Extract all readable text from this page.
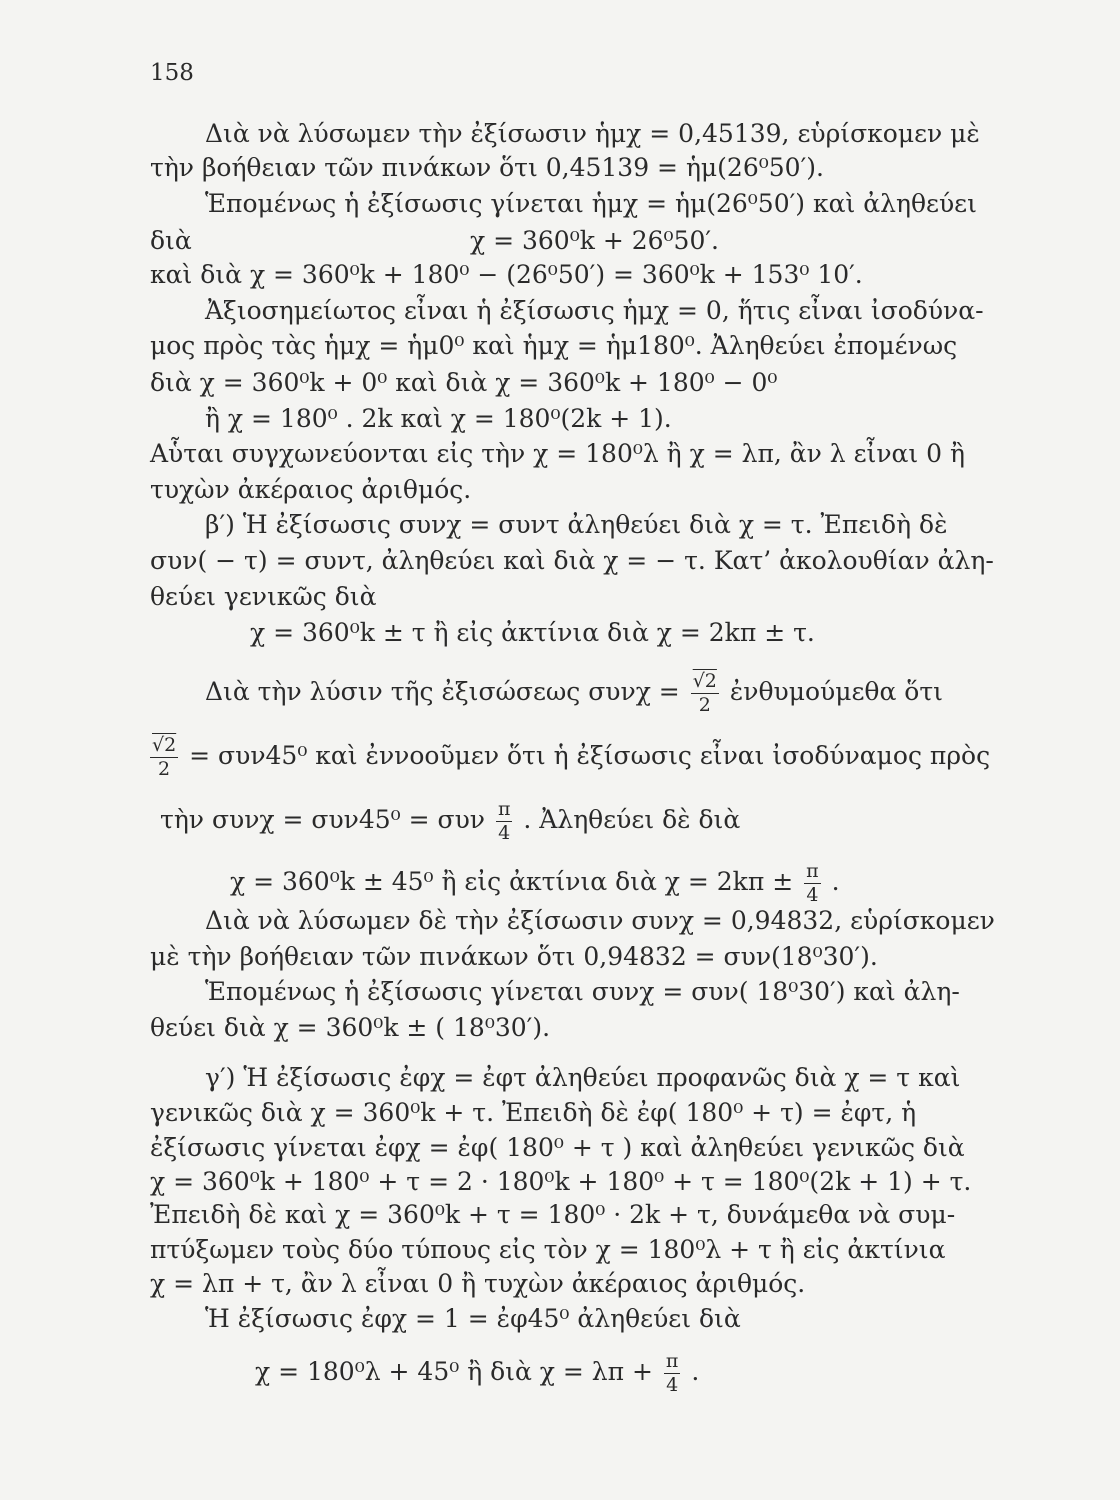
158
Διὰ νὰ λύσωμεν τὴν ἐξίσωσιν ἡμχ = 0,45139, εὑρίσκομεν μὲ
τὴν βοήθειαν τῶν πινάκων ὅτι 0,45139 = ἡμ(26⁰50′).
Ἑπομένως ἡ ἐξίσωσις γίνεται ἡμχ = ἡμ(26⁰50′) καὶ ἀληθεύει
διὰ	χ = 360⁰k + 26⁰50′.
καὶ διὰ χ = 360⁰k + 180⁰ − (26⁰50′) = 360⁰k + 153⁰ 10′.
Ἀξιοσημείωτος εἶναι ἡ ἐξίσωσις ἡμχ = 0, ἥτις εἶναι ἰσοδύνα-
μος πρὸς τὰς ἡμχ = ἡμ0⁰ καὶ ἡμχ = ἡμ180⁰. Ἀληθεύει ἐπομένως
διὰ χ = 360⁰k + 0⁰ καὶ διὰ χ = 360⁰k + 180⁰ − 0⁰
ἢ χ = 180⁰ . 2k καὶ χ = 180⁰(2k + 1).
Αὗται συγχωνεύονται εἰς τὴν χ = 180⁰λ ἢ χ = λπ, ἂν λ εἶναι 0 ἢ
τυχὼν ἀκέραιος ἀριθμός.
β′) Ἡ ἐξίσωσις συνχ = συντ ἀληθεύει διὰ χ = τ. Ἐπειδὴ δὲ
συν( − τ) = συντ, ἀληθεύει καὶ διὰ χ = − τ. Κατ’ ἀκολουθίαν ἀλη-
θεύει γενικῶς διὰ
χ = 360⁰k ± τ ἢ εἰς ἀκτίνια διὰ χ = 2kπ ± τ.
Διὰ τὴν λύσιν τῆς ἐξισώσεως $\sigma\upsilon\nu\chi = \frac{√2}{2}$ ἐνθυμούμεθα ὅτι
$\frac{√2}{2} = \sigma\upsilon\nu 45^0$ καὶ ἐννοοῦμεν ὅτι ἡ ἐξίσωσις εἶναι ἰσοδύναμος πρὸς
τὴν συνχ = συν45⁰ = συν $\frac{\pi}{4}$ . Ἀληθεύει δὲ διὰ
χ = 360⁰k ± 45⁰ ἢ εἰς ἀκτίνια διὰ $\chi = 2k\pi \pm \frac{\pi}{4}$ .
Διὰ νὰ λύσωμεν δὲ τὴν ἐξίσωσιν συνχ = 0,94832, εὑρίσκομεν
μὲ τὴν βοήθειαν τῶν πινάκων ὅτι 0,94832 = συν(18⁰30′).
Ἑπομένως ἡ ἐξίσωσις γίνεται συνχ = συν( 18⁰30′) καὶ ἀλη-
θεύει διὰ χ = 360⁰k ± ( 18⁰30′).
γ′) Ἡ ἐξίσωσις ἐφχ = ἐφτ ἀληθεύει προφανῶς διὰ χ = τ καὶ
γενικῶς διὰ χ = 360⁰k + τ. Ἐπειδὴ δὲ ἐφ( 180⁰ + τ) = ἐφτ, ἡ
ἐξίσωσις γίνεται ἐφχ = ἐφ( 180⁰ + τ ) καὶ ἀληθεύει γενικῶς διὰ
χ = 360⁰k + 180⁰ + τ = 2 · 180⁰k + 180⁰ + τ = 180⁰(2k + 1) + τ.
Ἐπειδὴ δὲ καὶ χ = 360⁰k + τ = 180⁰ · 2k + τ, δυνάμεθα νὰ συμ-
πτύξωμεν τοὺς δύο τύπους εἰς τὸν χ = 180⁰λ + τ ἢ εἰς ἀκτίνια
χ = λπ + τ, ἂν λ εἶναι 0 ἢ τυχὼν ἀκέραιος ἀριθμός.
Ἡ ἐξίσωσις ἐφχ = 1 = ἐφ45⁰ ἀληθεύει διὰ
χ = 180⁰λ + 45⁰ ἢ διὰ $\chi = \lambda\pi + \frac{\pi}{4}$ .
